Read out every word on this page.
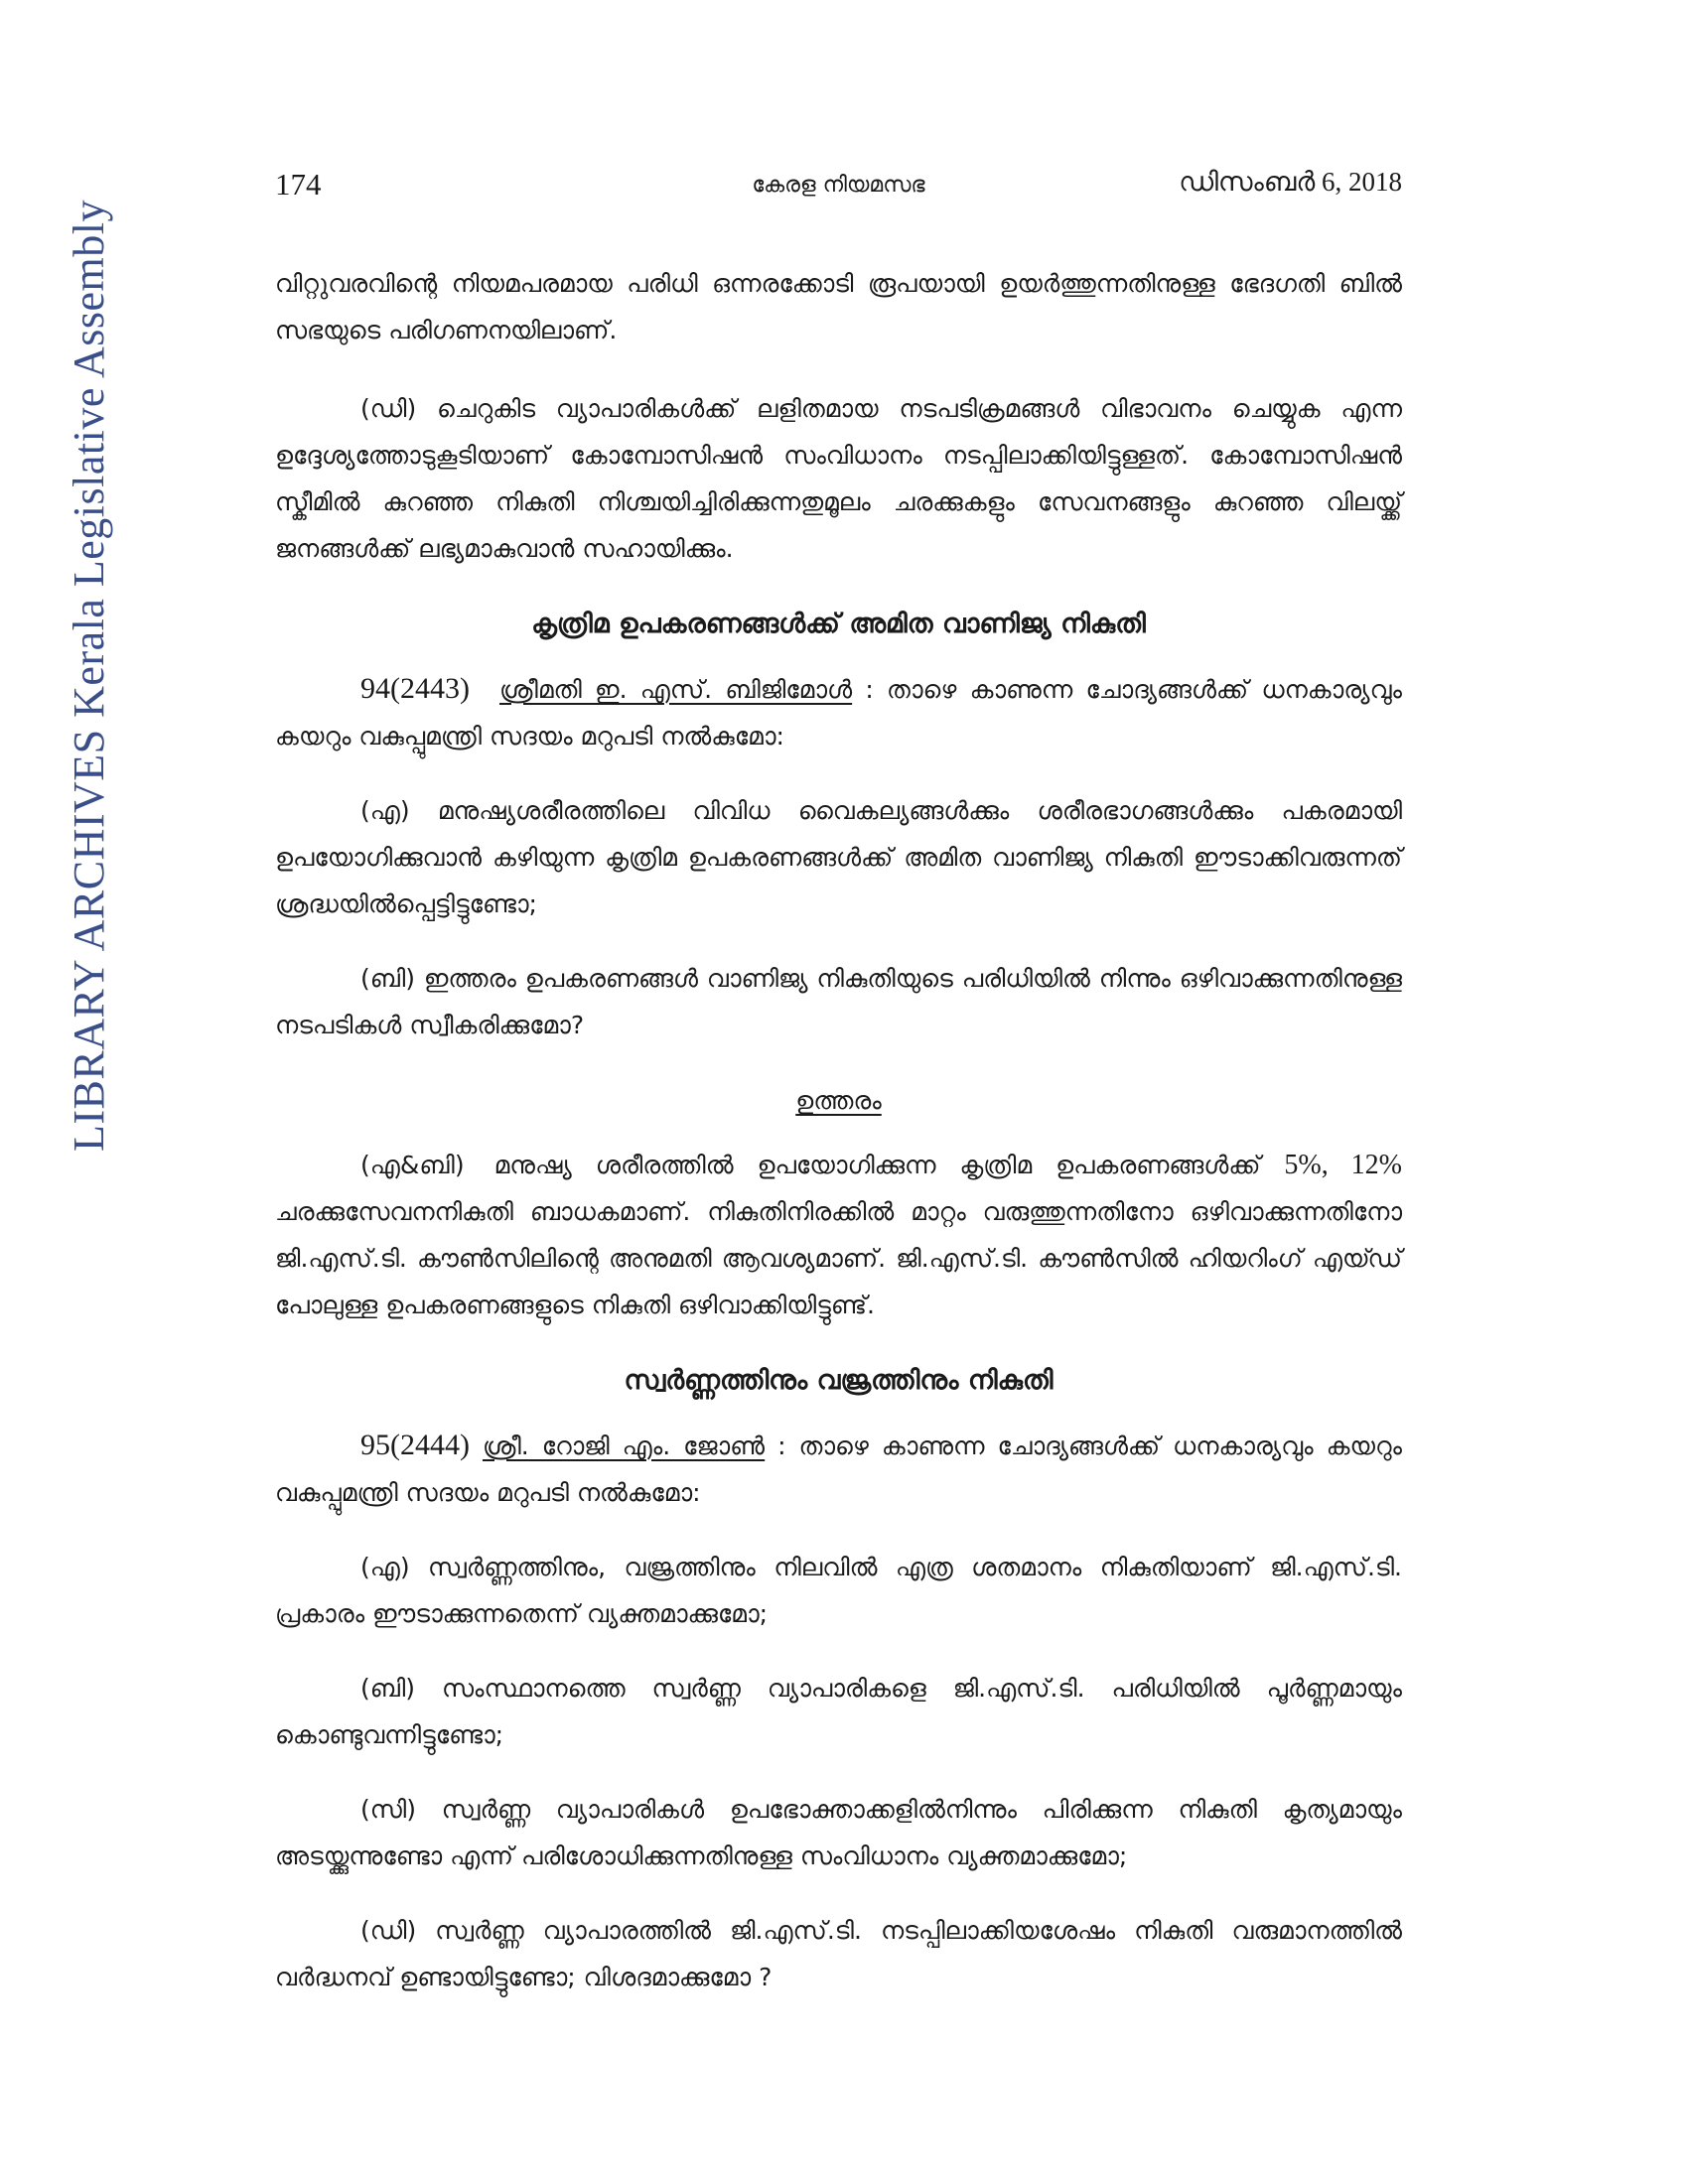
LIBRARY ARCHIVES Kerala Legislative Assembly
174	കേരള നിയമസഭ	ഡിസംബർ 6, 2018

വിറ്റുവരവിന്റെ നിയമപരമായ പരിധി ഒന്നരക്കോടി രൂപയായി ഉയർത്തുന്നതിനുള്ള ഭേദഗതി ബിൽ സഭയുടെ പരിഗണനയിലാണ്.

(ഡി) ചെറുകിട വ്യാപാരികൾക്ക് ലളിതമായ നടപടിക്രമങ്ങൾ വിഭാവനം ചെയ്യുക എന്ന ഉദ്ദേശ്യത്തോടുകൂടിയാണ് കോമ്പോസിഷൻ സംവിധാനം നടപ്പിലാക്കിയിട്ടുള്ളത്. കോമ്പോസിഷൻ സ്കീമിൽ കുറഞ്ഞ നികുതി നിശ്ചയിച്ചിരിക്കുന്നതുമൂലം ചരക്കുകളും സേവനങ്ങളും കുറഞ്ഞ വിലയ്ക്ക് ജനങ്ങൾക്ക് ലഭ്യമാകുവാൻ സഹായിക്കും.

കൃത്രിമ ഉപകരണങ്ങൾക്ക് അമിത വാണിജ്യ നികുതി

94(2443) ശ്രീമതി ഇ. എസ്. ബിജിമോൾ : താഴെ കാണുന്ന ചോദ്യങ്ങൾക്ക് ധനകാര്യവും കയറും വകുപ്പുമന്ത്രി സദയം മറുപടി നൽകുമോ:

(എ) മനുഷ്യശരീരത്തിലെ വിവിധ വൈകല്യങ്ങൾക്കും ശരീരഭാഗങ്ങൾക്കും പകരമായി ഉപയോഗിക്കുവാൻ കഴിയുന്ന കൃത്രിമ ഉപകരണങ്ങൾക്ക് അമിത വാണിജ്യ നികുതി ഈടാക്കിവരുന്നത് ശ്രദ്ധയിൽപ്പെട്ടിട്ടുണ്ടോ;

(ബി) ഇത്തരം ഉപകരണങ്ങൾ വാണിജ്യ നികുതിയുടെ പരിധിയിൽ നിന്നും ഒഴിവാക്കുന്നതിനുള്ള നടപടികൾ സ്വീകരിക്കുമോ?

ഉത്തരം

(എ&ബി) മനുഷ്യ ശരീരത്തിൽ ഉപയോഗിക്കുന്ന കൃത്രിമ ഉപകരണങ്ങൾക്ക് 5%, 12% ചരക്കുസേവനനികുതി ബാധകമാണ്. നികുതിനിരക്കിൽ മാറ്റം വരുത്തുന്നതിനോ ഒഴിവാക്കുന്നതിനോ ജി.എസ്.ടി. കൗൺസിലിന്റെ അനുമതി ആവശ്യമാണ്. ജി.എസ്.ടി. കൗൺസിൽ ഹിയറിംഗ് എയ്ഡ് പോലുള്ള ഉപകരണങ്ങളുടെ നികുതി ഒഴിവാക്കിയിട്ടുണ്ട്.

സ്വർണ്ണത്തിനും വജ്രത്തിനും നികുതി

95(2444) ശ്രീ. റോജി എം. ജോൺ : താഴെ കാണുന്ന ചോദ്യങ്ങൾക്ക് ധനകാര്യവും കയറും വകുപ്പുമന്ത്രി സദയം മറുപടി നൽകുമോ:

(എ) സ്വർണ്ണത്തിനും, വജ്രത്തിനും നിലവിൽ എത്ര ശതമാനം നികുതിയാണ് ജി.എസ്.ടി. പ്രകാരം ഈടാക്കുന്നതെന്ന് വ്യക്തമാക്കുമോ;

(ബി) സംസ്ഥാനത്തെ സ്വർണ്ണ വ്യാപാരികളെ ജി.എസ്.ടി. പരിധിയിൽ പൂർണ്ണമായും കൊണ്ടുവന്നിട്ടുണ്ടോ;

(സി) സ്വർണ്ണ വ്യാപാരികൾ ഉപഭോക്താക്കളിൽനിന്നും പിരിക്കുന്ന നികുതി കൃത്യമായും അടയ്ക്കുന്നുണ്ടോ എന്ന് പരിശോധിക്കുന്നതിനുള്ള സംവിധാനം വ്യക്തമാക്കുമോ;

(ഡി) സ്വർണ്ണ വ്യാപാരത്തിൽ ജി.എസ്.ടി. നടപ്പിലാക്കിയശേഷം നികുതി വരുമാനത്തിൽ വർദ്ധനവ് ഉണ്ടായിട്ടുണ്ടോ; വിശദമാക്കുമോ ?
